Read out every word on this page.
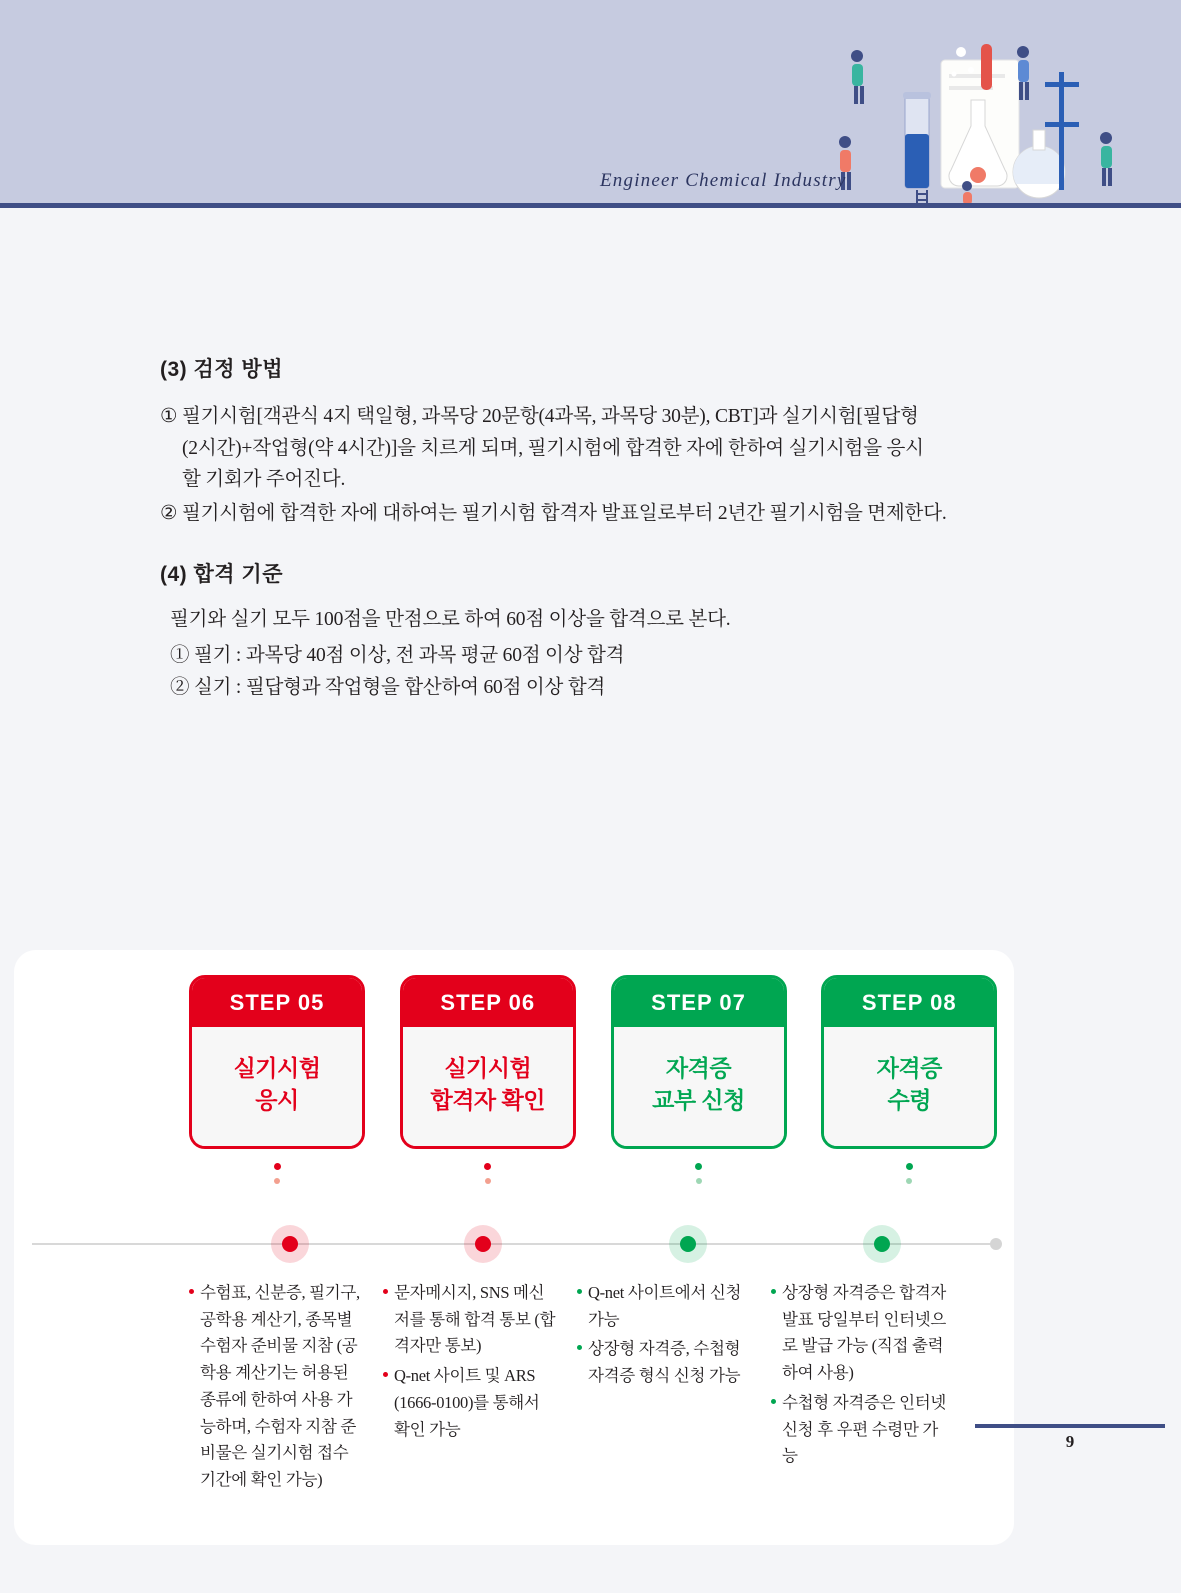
Engineer Chemical Industry
(3) 검정 방법
① 필기시험[객관식 4지 택일형, 과목당 20문항(4과목, 과목당 30분), CBT]과 실기시험[필답형
(2시간)+작업형(약 4시간)]을 치르게 되며, 필기시험에 합격한 자에 한하여 실기시험을 응시
할 기회가 주어진다.
② 필기시험에 합격한 자에 대하여는 필기시험 합격자 발표일로부터 2년간 필기시험을 면제한다.
(4) 합격 기준
필기와 실기 모두 100점을 만점으로 하여 60점 이상을 합격으로 본다.
① 필기 : 과목당 40점 이상, 전 과목 평균 60점 이상 합격
② 실기 : 필답형과 작업형을 합산하여 60점 이상 합격
STEP 05
실기시험
응시
STEP 06
실기시험
합격자 확인
STEP 07
자격증
교부 신청
STEP 08
자격증
수령
수험표, 신분증, 필기구, 공학용 계산기, 종목별 수험자 준비물 지참 (공학용 계산기는 허용된 종류에 한하여 사용 가능하며, 수험자 지참 준비물은 실기시험 접수 기간에 확인 가능)
문자메시지, SNS 메신저를 통해 합격 통보 (합격자만 통보)
Q-net 사이트 및 ARS (1666-0100)를 통해서 확인 가능
Q-net 사이트에서 신청 가능
상장형 자격증, 수첩형 자격증 형식 신청 가능
상장형 자격증은 합격자 발표 당일부터 인터넷으로 발급 가능 (직접 출력하여 사용)
수첩형 자격증은 인터넷 신청 후 우편 수령만 가능
9
